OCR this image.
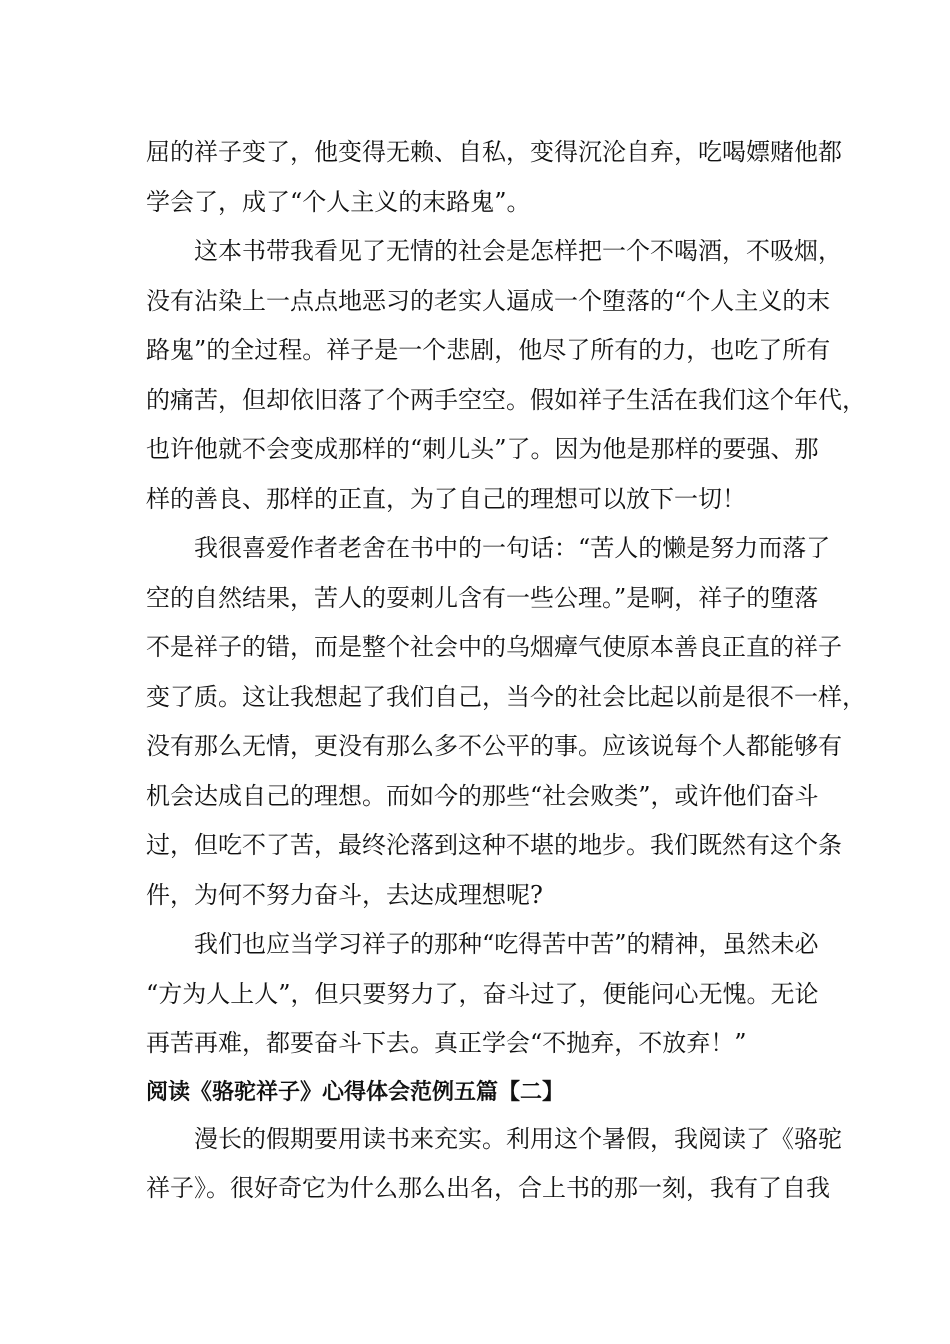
屈的祥子变了，他变得无赖、自私，变得沉沦自弃，吃喝嫖赌他都
学会了，成了“个人主义的末路鬼”。

这本书带我看见了无情的社会是怎样把一个不喝酒，不吸烟，
没有沾染上一点点地恶习的老实人逼成一个堕落的“个人主义的末
路鬼”的全过程。祥子是一个悲剧，他尽了所有的力，也吃了所有
的痛苦，但却依旧落了个两手空空。假如祥子生活在我们这个年代，
也许他就不会变成那样的“刺儿头”了。因为他是那样的要强、那
样的善良、那样的正直，为了自己的理想可以放下一切！

我很喜爱作者老舍在书中的一句话：“苦人的懒是努力而落了
空的自然结果，苦人的耍刺儿含有一些公理。”是啊，祥子的堕落
不是祥子的错，而是整个社会中的乌烟瘴气使原本善良正直的祥子
变了质。这让我想起了我们自己，当今的社会比起以前是很不一样，
没有那么无情，更没有那么多不公平的事。应该说每个人都能够有
机会达成自己的理想。而如今的那些“社会败类”，或许他们奋斗
过，但吃不了苦，最终沦落到这种不堪的地步。我们既然有这个条
件，为何不努力奋斗，去达成理想呢?

我们也应当学习祥子的那种“吃得苦中苦”的精神，虽然未必
“方为人上人”，但只要努力了，奋斗过了，便能问心无愧。无论
再苦再难，都要奋斗下去。真正学会“不抛弃，不放弃！”

阅读《骆驼祥子》心得体会范例五篇【二】

漫长的假期要用读书来充实。利用这个暑假，我阅读了《骆驼
祥子》。很好奇它为什么那么出名，合上书的那一刻，我有了自我
